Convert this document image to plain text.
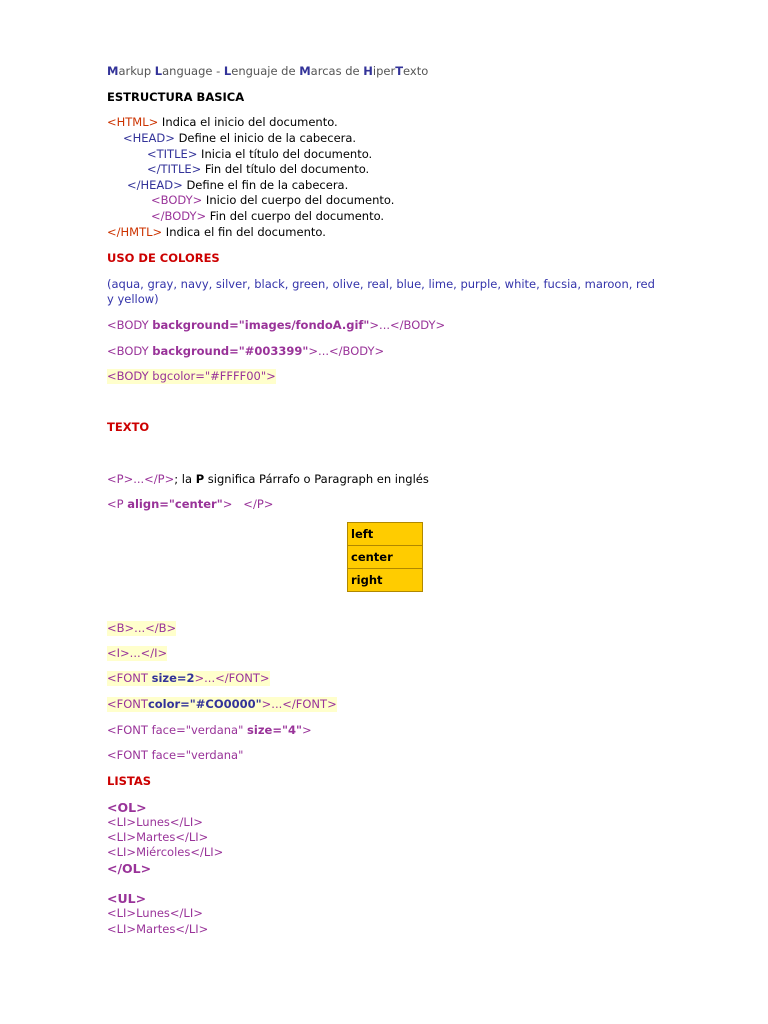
Markup Language - Lenguaje de Marcas de HiperTexto
ESTRUCTURA BASICA
<HTML> Indica el inicio del documento.
<HEAD> Define el inicio de la cabecera.
<TITLE> Inicia el título del documento.
</TITLE> Fin del título del documento.
</HEAD> Define el fin de la cabecera.
<BODY> Inicio del cuerpo del documento.
</BODY> Fin del cuerpo del documento.
</HMTL> Indica el fin del documento.
USO DE COLORES
(aqua, gray, navy, silver, black, green, olive, real, blue, lime, purple, white, fucsia, maroon, red
y yellow)
<BODY background="images/fondoA.gif">...</BODY>
<BODY background="#003399">...</BODY>
<BODY bgcolor="#FFFF00">
TEXTO
<P>...</P>; la P significa Párrafo o Paragraph en inglés
<P align="center">   </P>
left
center
right
<B>...</B>
<I>...</I>
<FONT size=2>...</FONT>
<FONTcolor="#CO0000">...</FONT>
<FONT face="verdana" size="4">
<FONT face="verdana"
LISTAS
<OL>
<LI>Lunes</LI>
<LI>Martes</LI>
<LI>Miércoles</LI>
</OL>
<UL>
<LI>Lunes</LI>
<LI>Martes</LI>
